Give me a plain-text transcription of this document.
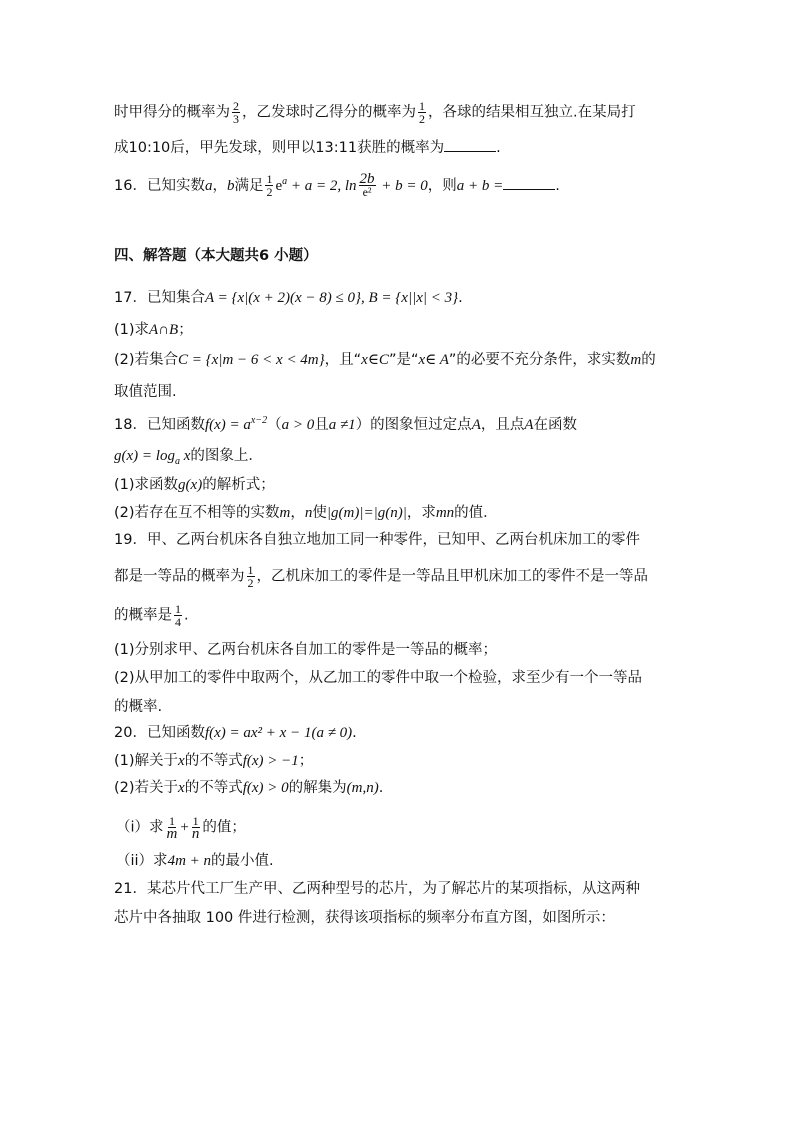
时甲得分的概率为 $\frac{2}{3}$ ，乙发球时乙得分的概率为 $\frac{1}{2}$ ，各球的结果相互独立.在某局打
成10:10后，甲先发球，则甲以13:11获胜的概率为	.
16．已知实数a，b满足 $\frac{1}{2} e^a + a = 2$, $\ln \frac{2b}{\text{e²}} + b = 0$，则a + b =	.
四、解答题（本大题共6 小题）
17．已知集合A = {x|(x + 2)(x − 8) ≤ 0}, B = {x||x| < 3}.
(1)求A∩B；
(2)若集合C = {x|m − 6 < x < 4m}，且“x∈C”是“x∈ A”的必要不充分条件，求实数m的
取值范围.
18．已知函数$f(x) = a^{x-2}(a > 0$且a ≠1）的图象恒过定点A，且点A在函数
$g(x) = \log_a x$的图象上．
(1)求函数g(x)的解析式；
(2)若存在互不相等的实数m，n使|g(m)|=|g(n)|，求mn的值．
19．甲、乙两台机床各自独立地加工同一种零件，已知甲、乙两台机床加工的零件
都是一等品的概率为 $\frac{1}{2}$ ，乙机床加工的零件是一等品且甲机床加工的零件不是一等品
的概率是 $\frac{1}{4}$ .
(1)分别求甲、乙两台机床各自加工的零件是一等品的概率；
(2)从甲加工的零件中取两个，从乙加工的零件中取一个检验，求至少有一个一等品
的概率.
20．已知函数f(x) = ax² + x − 1(a ≠ 0).
(1)解关于x的不等式f(x) > −1；
(2)若关于x的不等式f(x) > 0的解集为(m,n).
（i）求 $\frac{1}{m} + \frac{1}{n}$ 的值；
（ii）求4m + n的最小值.
21．某芯片代工厂生产甲、乙两种型号的芯片，为了解芯片的某项指标，从这两种
芯片中各抽取 100 件进行检测，获得该项指标的频率分布直方图，如图所示：
